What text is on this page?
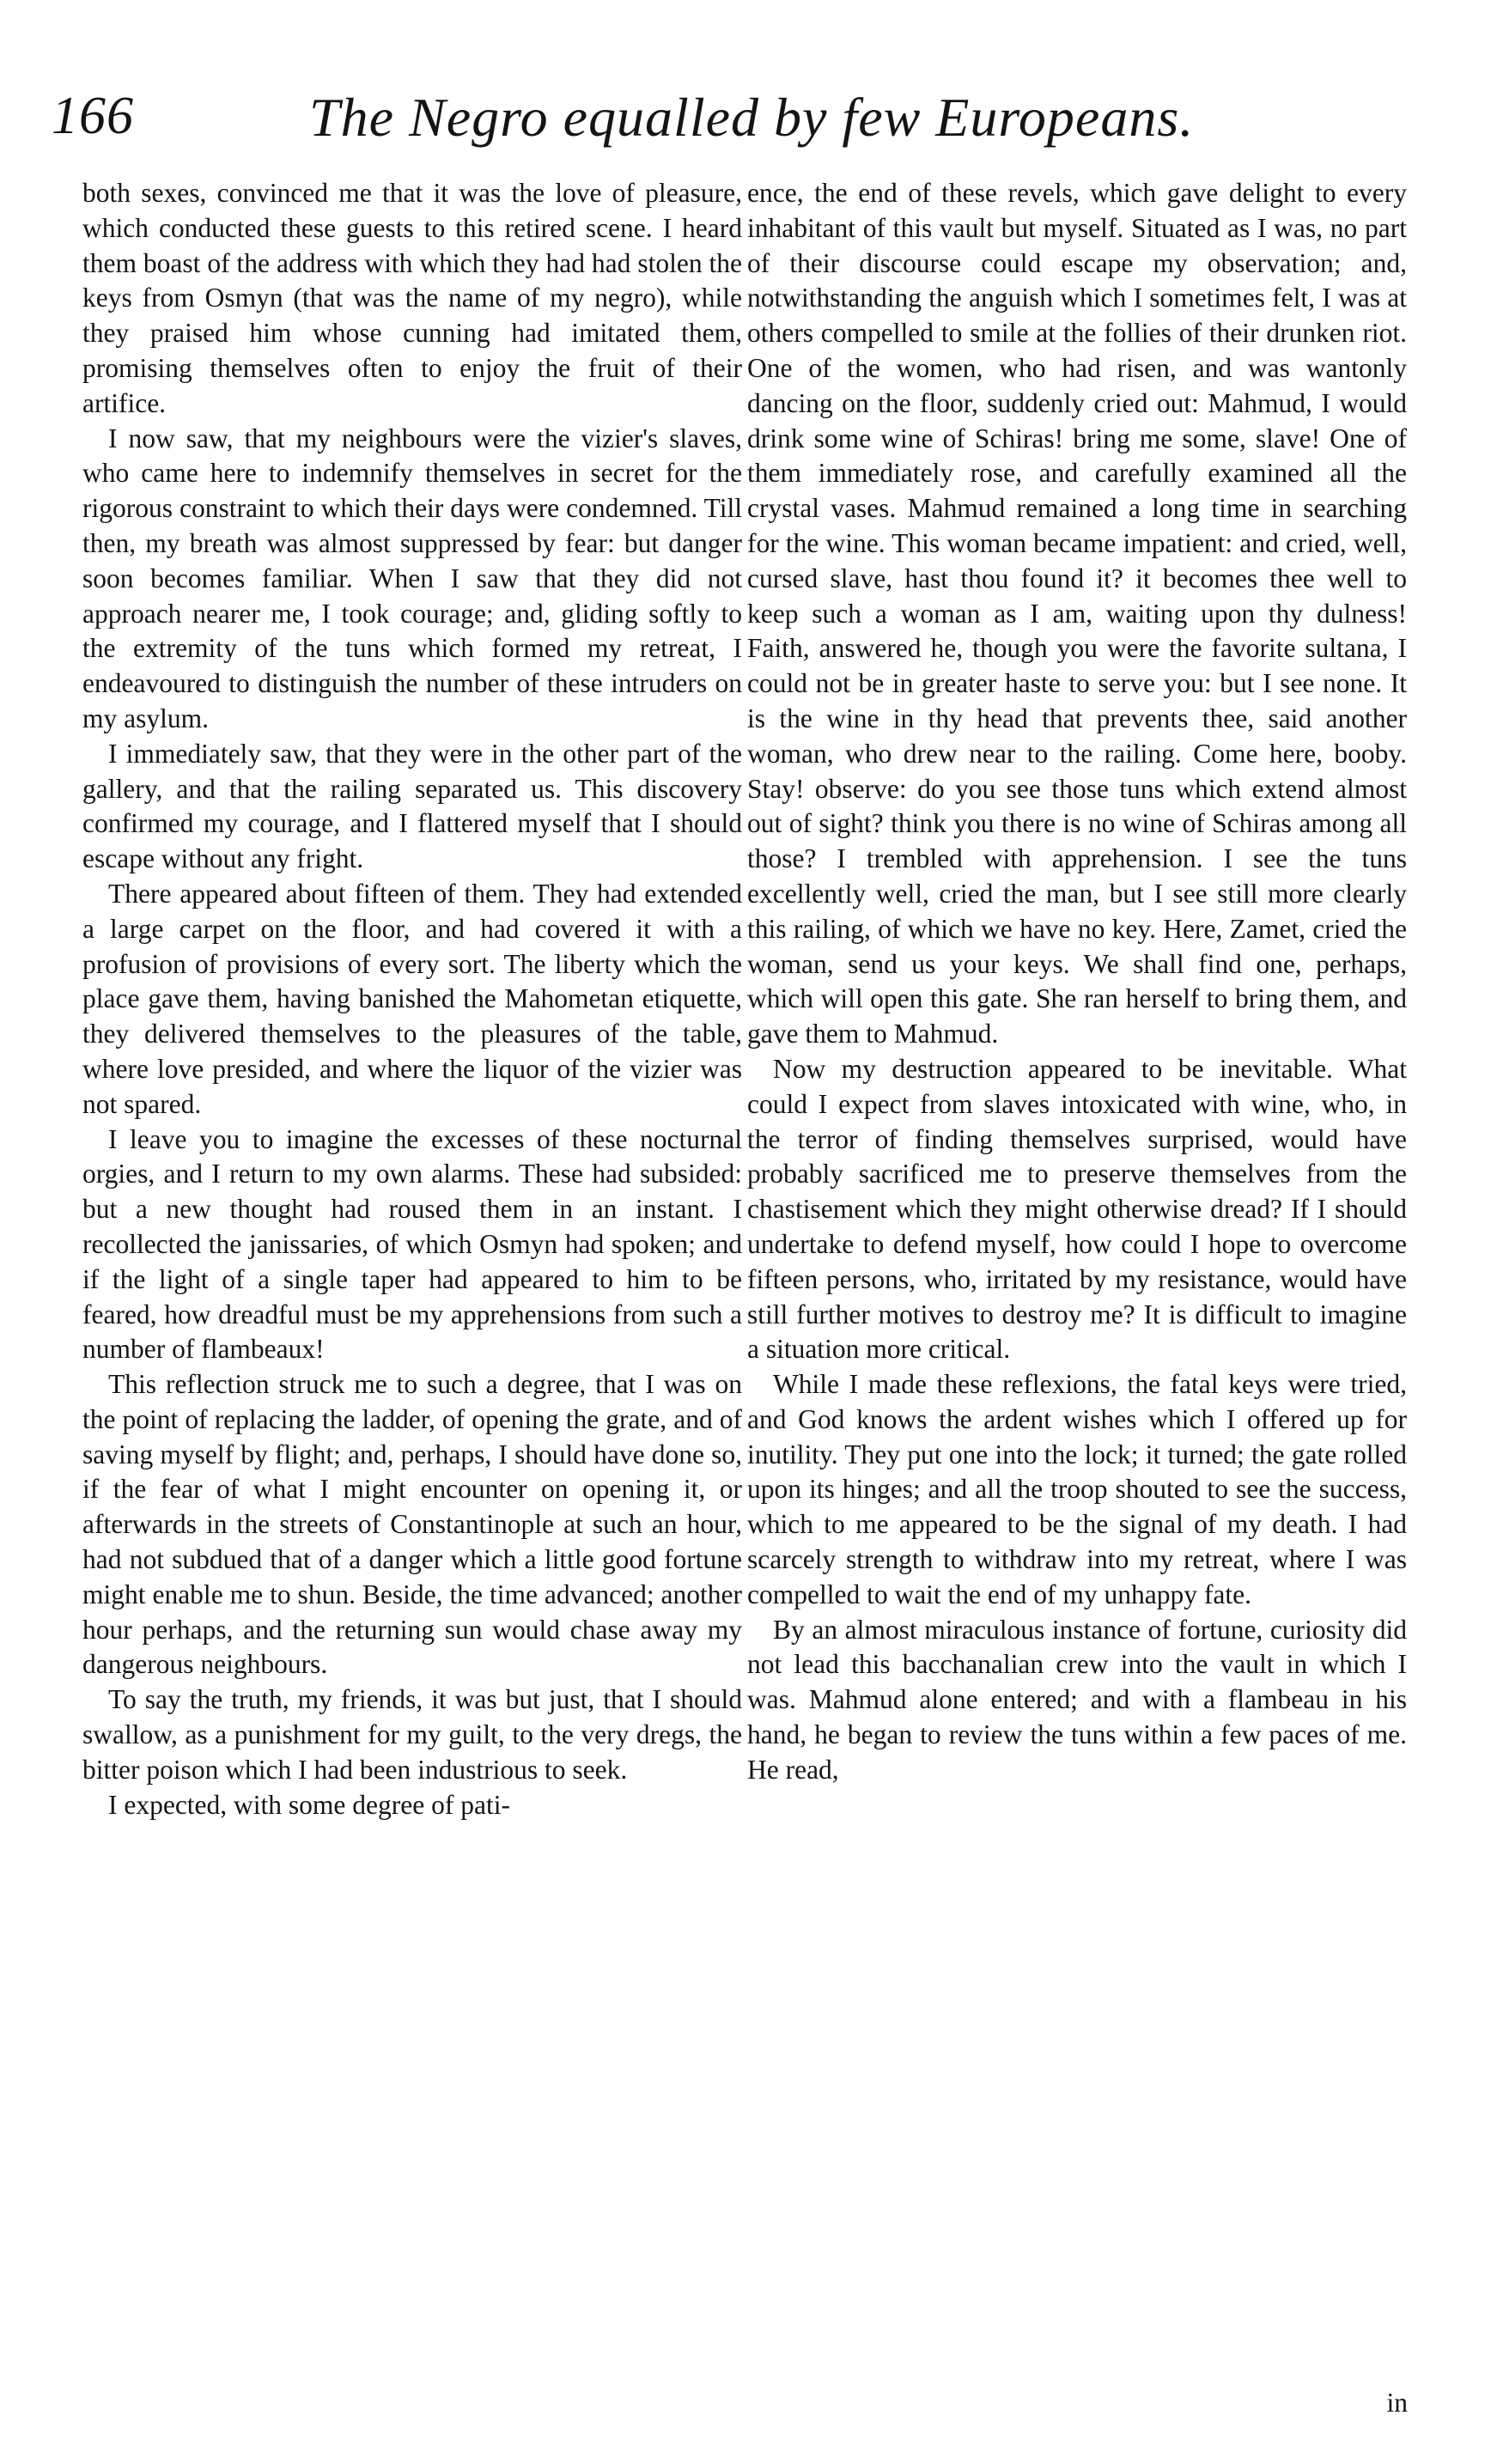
166	The Negro equalled by few Europeans.

both sexes, convinced me that it was the love of pleasure, which conducted these guests to this retired scene. I heard them boast of the address with which they had had stolen the keys from Osmyn (that was the name of my negro), while they praised him whose cunning had imitated them, promising themselves often to enjoy the fruit of their artifice.

I now saw, that my neighbours were the vizier's slaves, who came here to indemnify themselves in secret for the rigorous constraint to which their days were condemned. Till then, my breath was almost suppressed by fear: but danger soon becomes familiar. When I saw that they did not approach nearer me, I took courage; and, gliding softly to the extremity of the tuns which formed my retreat, I endeavoured to distinguish the number of these intruders on my asylum.

I immediately saw, that they were in the other part of the gallery, and that the railing separated us. This discovery confirmed my courage, and I flattered myself that I should escape without any fright.

There appeared about fifteen of them. They had extended a large carpet on the floor, and had covered it with a profusion of provisions of every sort. The liberty which the place gave them, having banished the Mahometan etiquette, they delivered themselves to the pleasures of the table, where love presided, and where the liquor of the vizier was not spared.

I leave you to imagine the excesses of these nocturnal orgies, and I return to my own alarms. These had subsided: but a new thought had roused them in an instant. I recollected the janissaries, of which Osmyn had spoken; and if the light of a single taper had appeared to him to be feared, how dreadful must be my apprehensions from such a number of flambeaux!

This reflection struck me to such a degree, that I was on the point of replacing the ladder, of opening the grate, and of saving myself by flight; and, perhaps, I should have done so, if the fear of what I might encounter on opening it, or afterwards in the streets of Constantinople at such an hour, had not subdued that of a danger which a little good fortune might enable me to shun. Beside, the time advanced; another hour perhaps, and the returning sun would chase away my dangerous neighbours.

To say the truth, my friends, it was but just, that I should swallow, as a punishment for my guilt, to the very dregs, the bitter poison which I had been industrious to seek.

I expected, with some degree of pati-

ence, the end of these revels, which gave delight to every inhabitant of this vault but myself. Situated as I was, no part of their discourse could escape my observation; and, notwithstanding the anguish which I sometimes felt, I was at others compelled to smile at the follies of their drunken riot. One of the women, who had risen, and was wantonly dancing on the floor, suddenly cried out: Mahmud, I would drink some wine of Schiras! bring me some, slave! One of them immediately rose, and carefully examined all the crystal vases. Mahmud remained a long time in searching for the wine. This woman became impatient: and cried, well, cursed slave, hast thou found it? it becomes thee well to keep such a woman as I am, waiting upon thy dulness! Faith, answered he, though you were the favorite sultana, I could not be in greater haste to serve you: but I see none. It is the wine in thy head that prevents thee, said another woman, who drew near to the railing. Come here, booby. Stay! observe: do you see those tuns which extend almost out of sight? think you there is no wine of Schiras among all those? I trembled with apprehension. I see the tuns excellently well, cried the man, but I see still more clearly this railing, of which we have no key. Here, Zamet, cried the woman, send us your keys. We shall find one, perhaps, which will open this gate. She ran herself to bring them, and gave them to Mahmud.

Now my destruction appeared to be inevitable. What could I expect from slaves intoxicated with wine, who, in the terror of finding themselves surprised, would have probably sacrificed me to preserve themselves from the chastisement which they might otherwise dread? If I should undertake to defend myself, how could I hope to overcome fifteen persons, who, irritated by my resistance, would have still further motives to destroy me? It is difficult to imagine a situation more critical.

While I made these reflexions, the fatal keys were tried, and God knows the ardent wishes which I offered up for inutility. They put one into the lock; it turned; the gate rolled upon its hinges; and all the troop shouted to see the success, which to me appeared to be the signal of my death. I had scarcely strength to withdraw into my retreat, where I was compelled to wait the end of my unhappy fate.

By an almost miraculous instance of fortune, curiosity did not lead this bacchanalian crew into the vault in which I was. Mahmud alone entered; and with a flambeau in his hand, he began to review the tuns within a few paces of me. He read,

in
